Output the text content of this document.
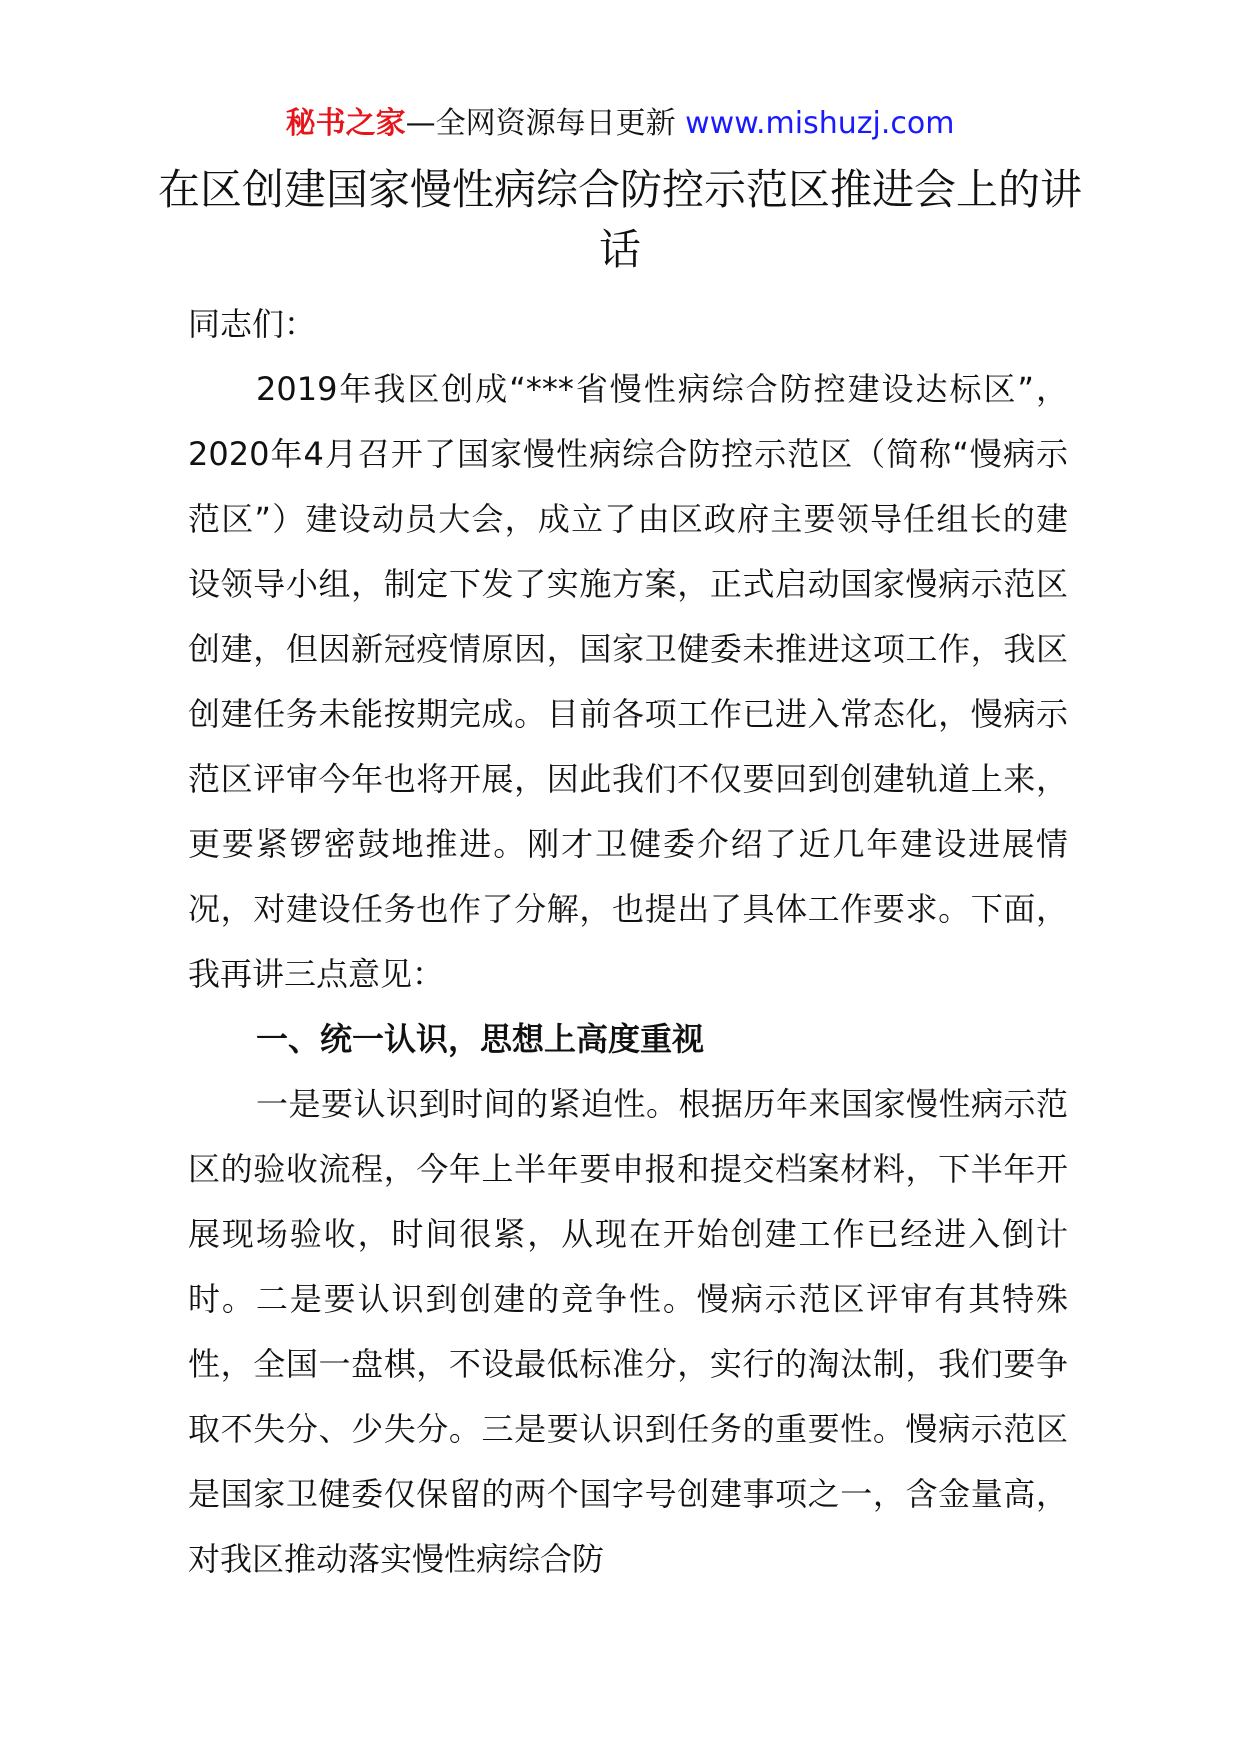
秘书之家—全网资源每日更新 www.mishuzj.com
在区创建国家慢性病综合防控示范区推进会上的讲话

同志们：

2019年我区创成“***省慢性病综合防控建设达标区”，2020年4月召开了国家慢性病综合防控示范区（简称“慢病示范区”）建设动员大会，成立了由区政府主要领导任组长的建设领导小组，制定下发了实施方案，正式启动国家慢病示范区创建，但因新冠疫情原因，国家卫健委未推进这项工作，我区创建任务未能按期完成。目前各项工作已进入常态化，慢病示范区评审今年也将开展，因此我们不仅要回到创建轨道上来，更要紧锣密鼓地推进。刚才卫健委介绍了近几年建设进展情况，对建设任务也作了分解，也提出了具体工作要求。下面，我再讲三点意见：

一、统一认识，思想上高度重视

一是要认识到时间的紧迫性。根据历年来国家慢性病示范区的验收流程，今年上半年要申报和提交档案材料，下半年开展现场验收，时间很紧，从现在开始创建工作已经进入倒计时。二是要认识到创建的竞争性。慢病示范区评审有其特殊性，全国一盘棋，不设最低标准分，实行的淘汰制，我们要争取不失分、少失分。三是要认识到任务的重要性。慢病示范区是国家卫健委仅保留的两个国字号创建事项之一，含金量高，对我区推动落实慢性病综合防
